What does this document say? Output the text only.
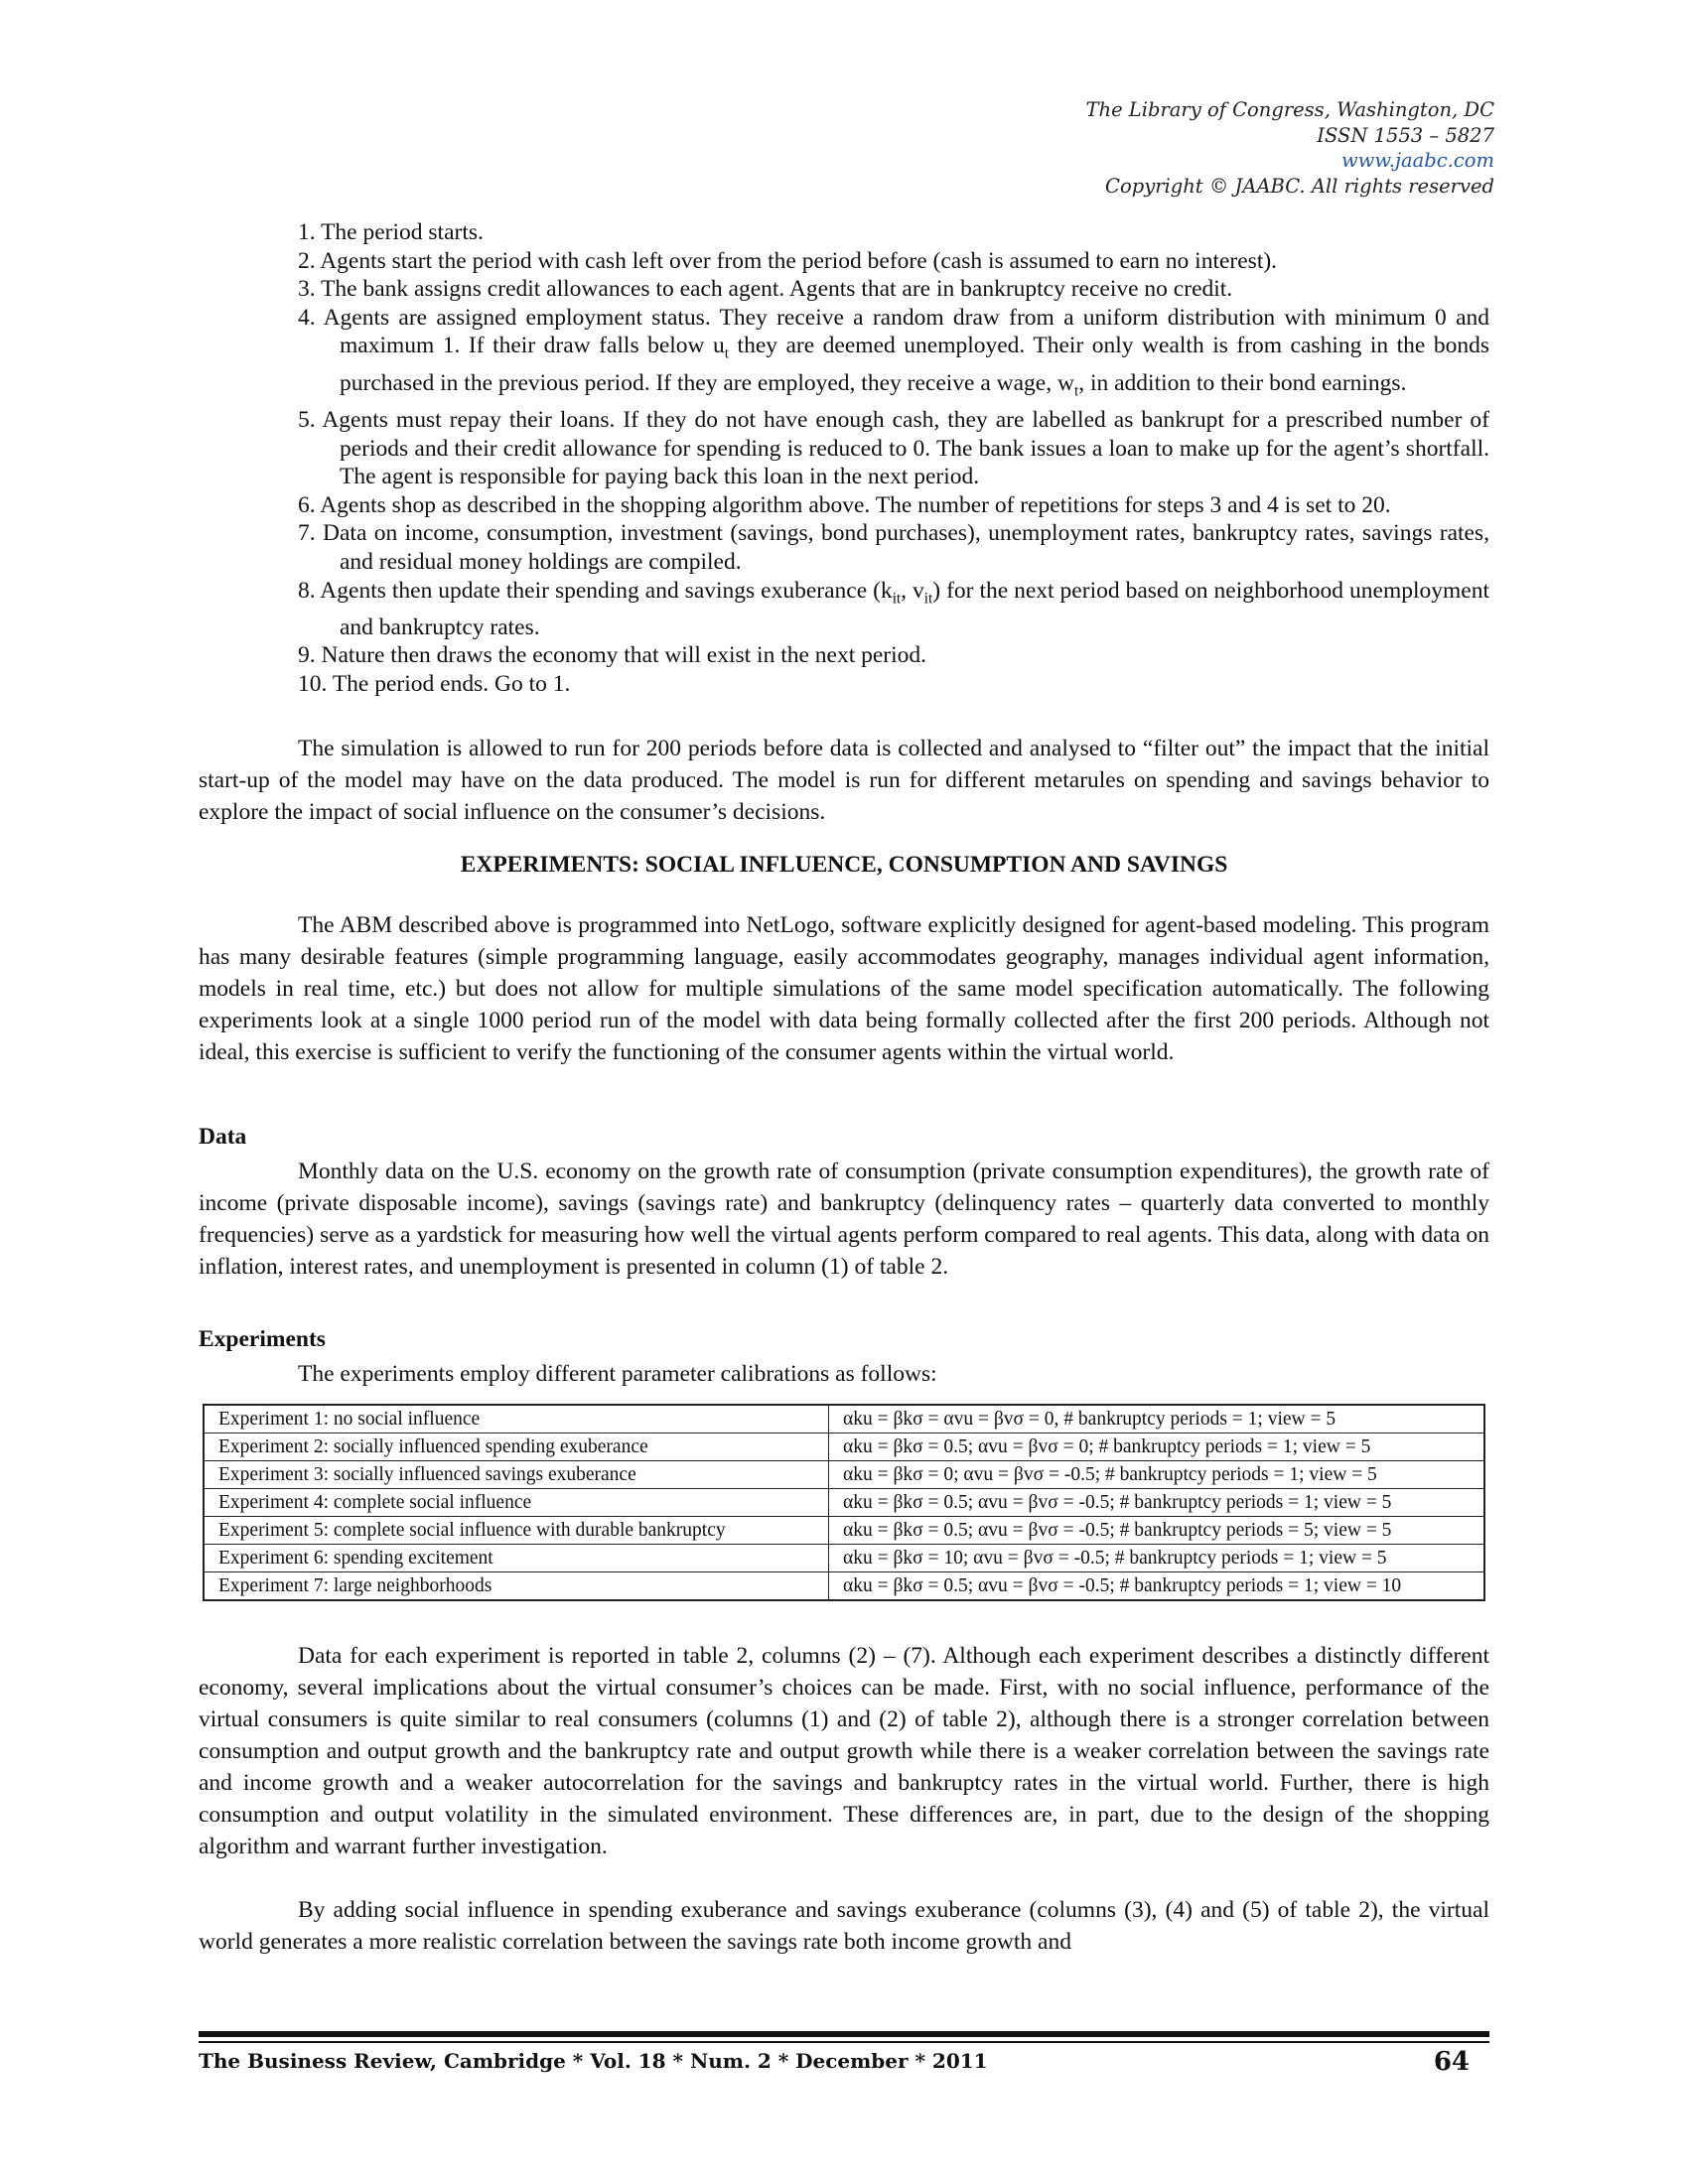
The Library of Congress, Washington, DC
ISSN 1553 – 5827
www.jaabc.com
Copyright © JAABC. All rights reserved
1. The period starts.
2. Agents start the period with cash left over from the period before (cash is assumed to earn no interest).
3. The bank assigns credit allowances to each agent. Agents that are in bankruptcy receive no credit.
4. Agents are assigned employment status. They receive a random draw from a uniform distribution with minimum 0 and maximum 1. If their draw falls below $u_t$ they are deemed unemployed. Their only wealth is from cashing in the bonds purchased in the previous period. If they are employed, they receive a wage, $w_t$, in addition to their bond earnings.
5. Agents must repay their loans. If they do not have enough cash, they are labelled as bankrupt for a prescribed number of periods and their credit allowance for spending is reduced to 0. The bank issues a loan to make up for the agent’s shortfall. The agent is responsible for paying back this loan in the next period.
6. Agents shop as described in the shopping algorithm above. The number of repetitions for steps 3 and 4 is set to 20.
7. Data on income, consumption, investment (savings, bond purchases), unemployment rates, bankruptcy rates, savings rates, and residual money holdings are compiled.
8. Agents then update their spending and savings exuberance ($k_{it}$, $v_{it}$) for the next period based on neighborhood unemployment and bankruptcy rates.
9. Nature then draws the economy that will exist in the next period.
10. The period ends. Go to 1.

The simulation is allowed to run for 200 periods before data is collected and analysed to “filter out” the impact that the initial start-up of the model may have on the data produced. The model is run for different metarules on spending and savings behavior to explore the impact of social influence on the consumer’s decisions.

EXPERIMENTS: SOCIAL INFLUENCE, CONSUMPTION AND SAVINGS

The ABM described above is programmed into NetLogo, software explicitly designed for agent-based modeling. This program has many desirable features (simple programming language, easily accommodates geography, manages individual agent information, models in real time, etc.) but does not allow for multiple simulations of the same model specification automatically. The following experiments look at a single 1000 period run of the model with data being formally collected after the first 200 periods. Although not ideal, this exercise is sufficient to verify the functioning of the consumer agents within the virtual world.

Data

Monthly data on the U.S. economy on the growth rate of consumption (private consumption expenditures), the growth rate of income (private disposable income), savings (savings rate) and bankruptcy (delinquency rates – quarterly data converted to monthly frequencies) serve as a yardstick for measuring how well the virtual agents perform compared to real agents. This data, along with data on inflation, interest rates, and unemployment is presented in column (1) of table 2.

Experiments

The experiments employ different parameter calibrations as follows:

Experiment 1: no social influence	αku = βkσ = αvu = βvσ = 0, # bankruptcy periods = 1; view = 5
Experiment 2: socially influenced spending exuberance	αku = βkσ = 0.5; αvu = βvσ = 0; # bankruptcy periods = 1; view = 5
Experiment 3: socially influenced savings exuberance	αku = βkσ = 0; αvu = βvσ = -0.5; # bankruptcy periods = 1; view = 5
Experiment 4: complete social influence	αku = βkσ = 0.5; αvu = βvσ = -0.5; # bankruptcy periods = 1; view = 5
Experiment 5: complete social influence with durable bankruptcy	αku = βkσ = 0.5; αvu = βvσ = -0.5; # bankruptcy periods = 5; view = 5
Experiment 6: spending excitement	αku = βkσ = 10; αvu = βvσ = -0.5; # bankruptcy periods = 1; view = 5
Experiment 7: large neighborhoods	αku = βkσ = 0.5; αvu = βvσ = -0.5; # bankruptcy periods = 1; view = 10

Data for each experiment is reported in table 2, columns (2) – (7). Although each experiment describes a distinctly different economy, several implications about the virtual consumer’s choices can be made. First, with no social influence, performance of the virtual consumers is quite similar to real consumers (columns (1) and (2) of table 2), although there is a stronger correlation between consumption and output growth and the bankruptcy rate and output growth while there is a weaker correlation between the savings rate and income growth and a weaker autocorrelation for the savings and bankruptcy rates in the virtual world. Further, there is high consumption and output volatility in the simulated environment. These differences are, in part, due to the design of the shopping algorithm and warrant further investigation.

By adding social influence in spending exuberance and savings exuberance (columns (3), (4) and (5) of table 2), the virtual world generates a more realistic correlation between the savings rate both income growth and

The Business Review, Cambridge * Vol. 18 * Num. 2 * December * 2011	64
